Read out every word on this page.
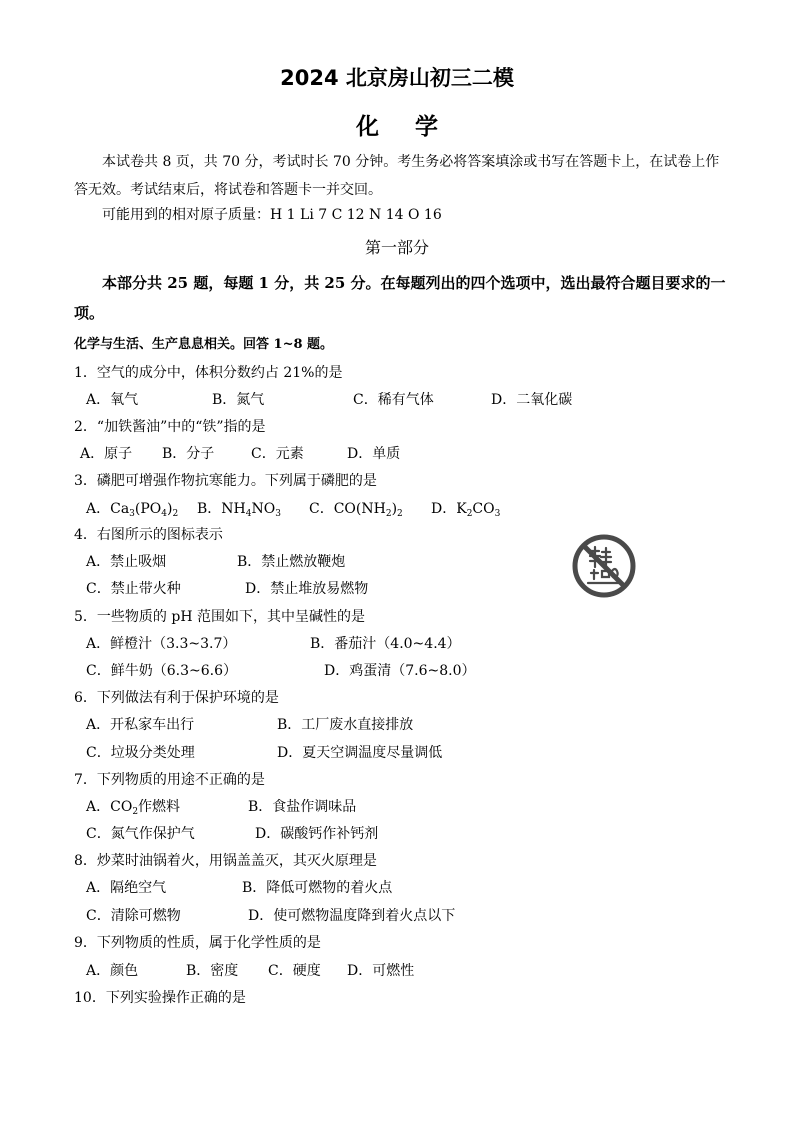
2024 北京房山初三二模
化学
本试卷共 8 页，共 70 分，考试时长 70 分钟。考生务必将答案填涂或书写在答题卡上，在试卷上作答无效。考试结束后，将试卷和答题卡一并交回。
可能用到的相对原子质量：H 1 Li 7 C 12 N 14 O 16
第一部分
本部分共 25 题，每题 1 分，共 25 分。在每题列出的四个选项中，选出最符合题目要求的一项。
化学与生活、生产息息相关。回答 1~8 题。
1．空气的成分中，体积分数约占 21%的是
A．氧气	B．氮气	C．稀有气体	D．二氧化碳
2．“加铁酱油”中的“铁”指的是
A．原子 B．分子	C．元素	D．单质
3．磷肥可增强作物抗寒能力。下列属于磷肥的是
A．$Ca_3(PO_4)_2$ B．$NH_4NO_3$ C．$CO(NH_2)_2$ D．$K_2CO_3$
4．右图所示的图标表示
A．禁止吸烟	B．禁止燃放鞭炮
C．禁止带火种	D．禁止堆放易燃物
5．一些物质的 pH 范围如下，其中呈碱性的是
A．鲜橙汁（3.3~3.7）	B．番茄汁（4.0~4.4）
C．鲜牛奶（6.3~6.6）	D．鸡蛋清（7.6~8.0）
6．下列做法有利于保护环境的是
A．开私家车出行	B．工厂废水直接排放
C．垃圾分类处理	D．夏天空调温度尽量调低
7．下列物质的用途不正确的是
A．$CO_2$作燃料	B．食盐作调味品
C．氮气作保护气	D．碳酸钙作补钙剂
8．炒菜时油锅着火，用锅盖盖灭，其灭火原理是
A．隔绝空气	B．降低可燃物的着火点
C．清除可燃物	D．使可燃物温度降到着火点以下
9．下列物质的性质，属于化学性质的是
A．颜色	B．密度 C．硬度 D．可燃性
10．下列实验操作正确的是
